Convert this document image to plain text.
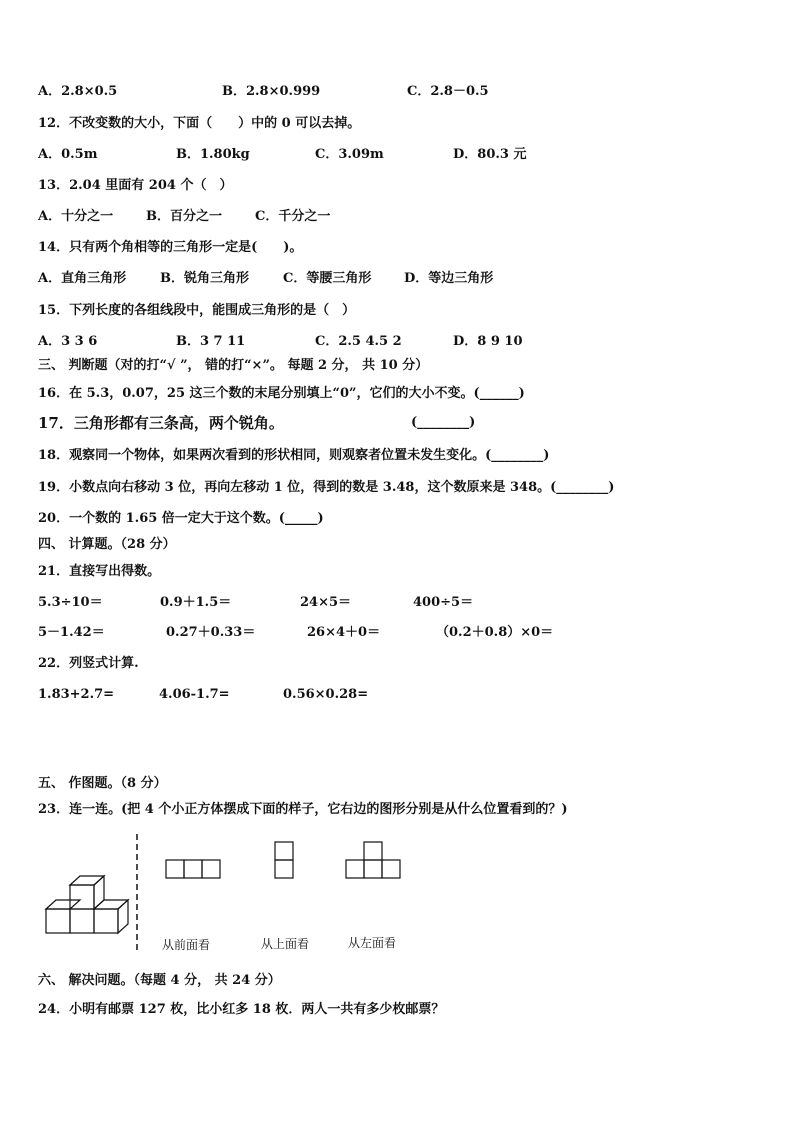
A．2.8×0.5	B．2.8×0.999	C．2.8－0.5
12．不改变数的大小，下面（　　）中的 0 可以去掉。
A．0.5m	B．1.80kg	C．3.09m	D．80.3 元
13．2.04 里面有 204 个（　）
A．十分之一	B．百分之一	C．千分之一
14．只有两个角相等的三角形一定是(　　)。
A．直角三角形	B．锐角三角形	C．等腰三角形	D．等边三角形
15．下列长度的各组线段中，能围成三角形的是（　）
A．3 3 6	B．3 7 11	C．2.5 4.5 2	D．8 9 10
三、 判断题（对的打“√ ”， 错的打“×”。 每题 2 分， 共 10 分）
16．在 5.3，0.07，25 这三个数的末尾分别填上“0”，它们的大小不变。(______)
17．三角形都有三条高，两个锐角。	(________)
18．观察同一个物体，如果两次看到的形状相同，则观察者位置未发生变化。(________)
19．小数点向右移动 3 位，再向左移动 1 位，得到的数是 3.48，这个数原来是 348。(________)
20．一个数的 1.65 倍一定大于这个数。(_____)
四、 计算题。（28 分）
21．直接写出得数。
5.3÷10＝	0.9＋1.5＝	24×5＝	400÷5＝
5－1.42＝	0.27＋0.33＝	26×4＋0＝	（0.2＋0.8）×0＝
22．列竖式计算.
1.83+2.7=	4.06-1.7=	0.56×0.28=
五、 作图题。（8 分）
23．连一连。(把 4 个小正方体摆成下面的样子，它右边的图形分别是从什么位置看到的？)
从前面看	从上面看	从左面看
六、 解决问题。（每题 4 分， 共 24 分）
24．小明有邮票 127 枚，比小红多 18 枚．两人一共有多少枚邮票？
